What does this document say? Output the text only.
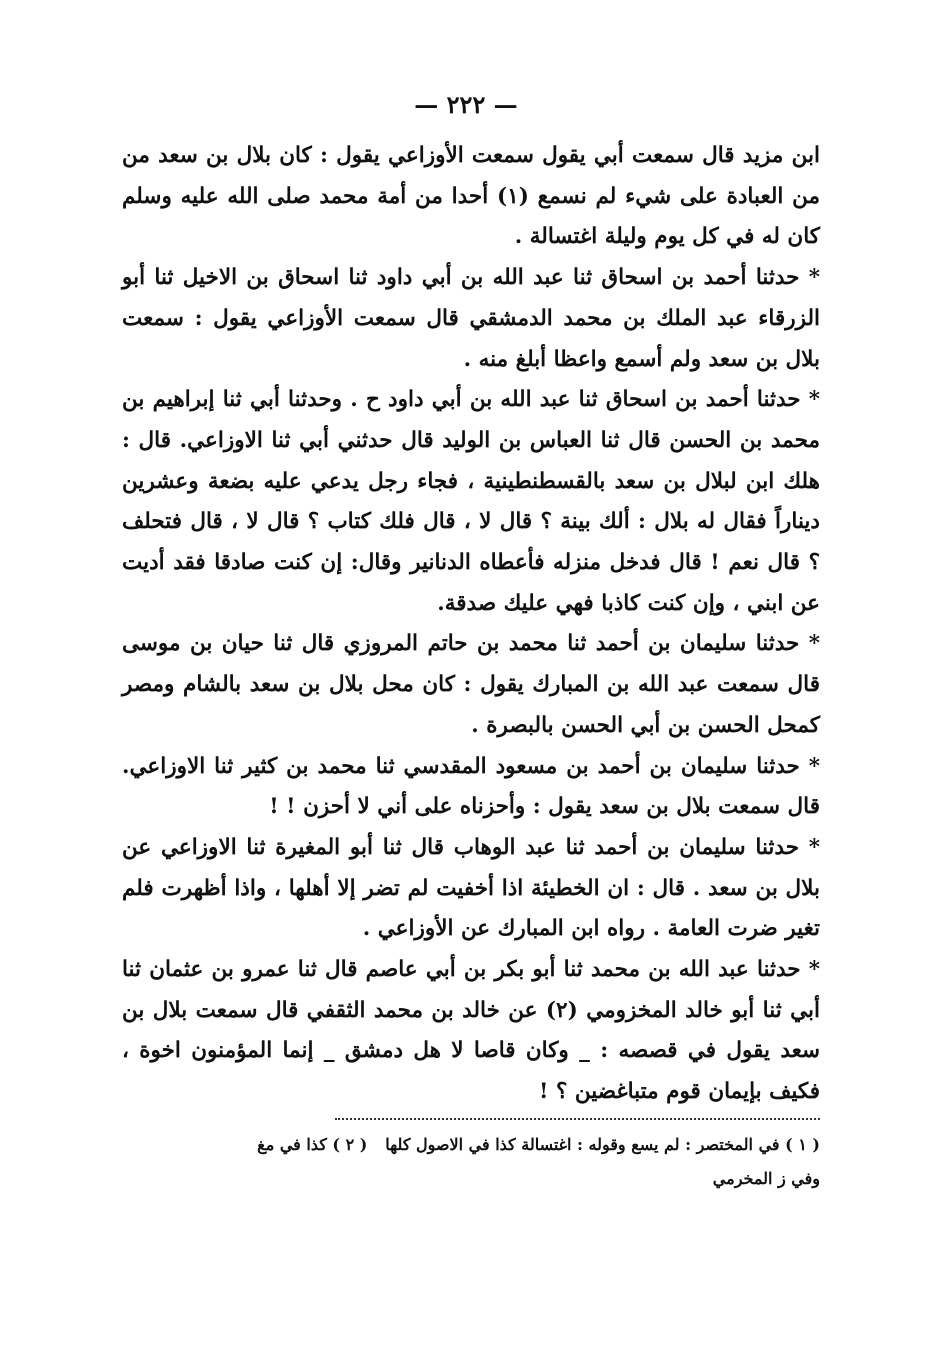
— ٢٢٢ —

ابن مزيد قال سمعت أبي يقول سمعت الأوزاعي يقول : كان بلال بن سعد من من العبادة على شيء لم نسمع (١) أحدا من أمة محمد صلى الله عليه وسلم كان له في كل يوم وليلة اغتسالة .

* حدثنا أحمد بن اسحاق ثنا عبد الله بن أبي داود ثنا اسحاق بن الاخيل ثنا أبو الزرقاء عبد الملك بن محمد الدمشقي قال سمعت الأوزاعي يقول : سمعت بلال بن سعد ولم أسمع واعظا أبلغ منه .

* حدثنا أحمد بن اسحاق ثنا عبد الله بن أبي داود ح . وحدثنا أبي ثنا إبراهيم بن محمد بن الحسن قال ثنا العباس بن الوليد قال حدثني أبي ثنا الاوزاعي. قال : هلك ابن لبلال بن سعد بالقسطنطينية ، فجاء رجل يدعي عليه بضعة وعشرين ديناراً فقال له بلال : ألك بينة ؟ قال لا ، قال فلك كتاب ؟ قال لا ، قال فتحلف ؟ قال نعم ! قال فدخل منزله فأعطاه الدنانير وقال: إن كنت صادقا فقد أديت عن ابني ، وإن كنت كاذبا فهي عليك صدقة.

* حدثنا سليمان بن أحمد ثنا محمد بن حاتم المروزي قال ثنا حيان بن موسى قال سمعت عبد الله بن المبارك يقول : كان محل بلال بن سعد بالشام ومصر كمحل الحسن بن أبي الحسن بالبصرة .

* حدثنا سليمان بن أحمد بن مسعود المقدسي ثنا محمد بن كثير ثنا الاوزاعي. قال سمعت بلال بن سعد يقول : وأحزناه على أني لا أحزن ! !

* حدثنا سليمان بن أحمد ثنا عبد الوهاب قال ثنا أبو المغيرة ثنا الاوزاعي عن بلال بن سعد . قال : ان الخطيئة اذا أخفيت لم تضر إلا أهلها ، واذا أظهرت فلم تغير ضرت العامة . رواه ابن المبارك عن الأوزاعي .

* حدثنا عبد الله بن محمد ثنا أبو بكر بن أبي عاصم قال ثنا عمرو بن عثمان ثنا أبي ثنا أبو خالد المخزومي (٢) عن خالد بن محمد الثقفي قال سمعت بلال بن سعد يقول في قصصه : _ وكان قاصا لا هل دمشق _ إنما المؤمنون اخوة ، فكيف بإيمان قوم متباغضين ؟ !

( ١ ) في المختصر : لم يسع وقوله : اغتسالة كذا في الاصول كلها( ٢ ) كذا في مغ

وفي ز المخرمي
